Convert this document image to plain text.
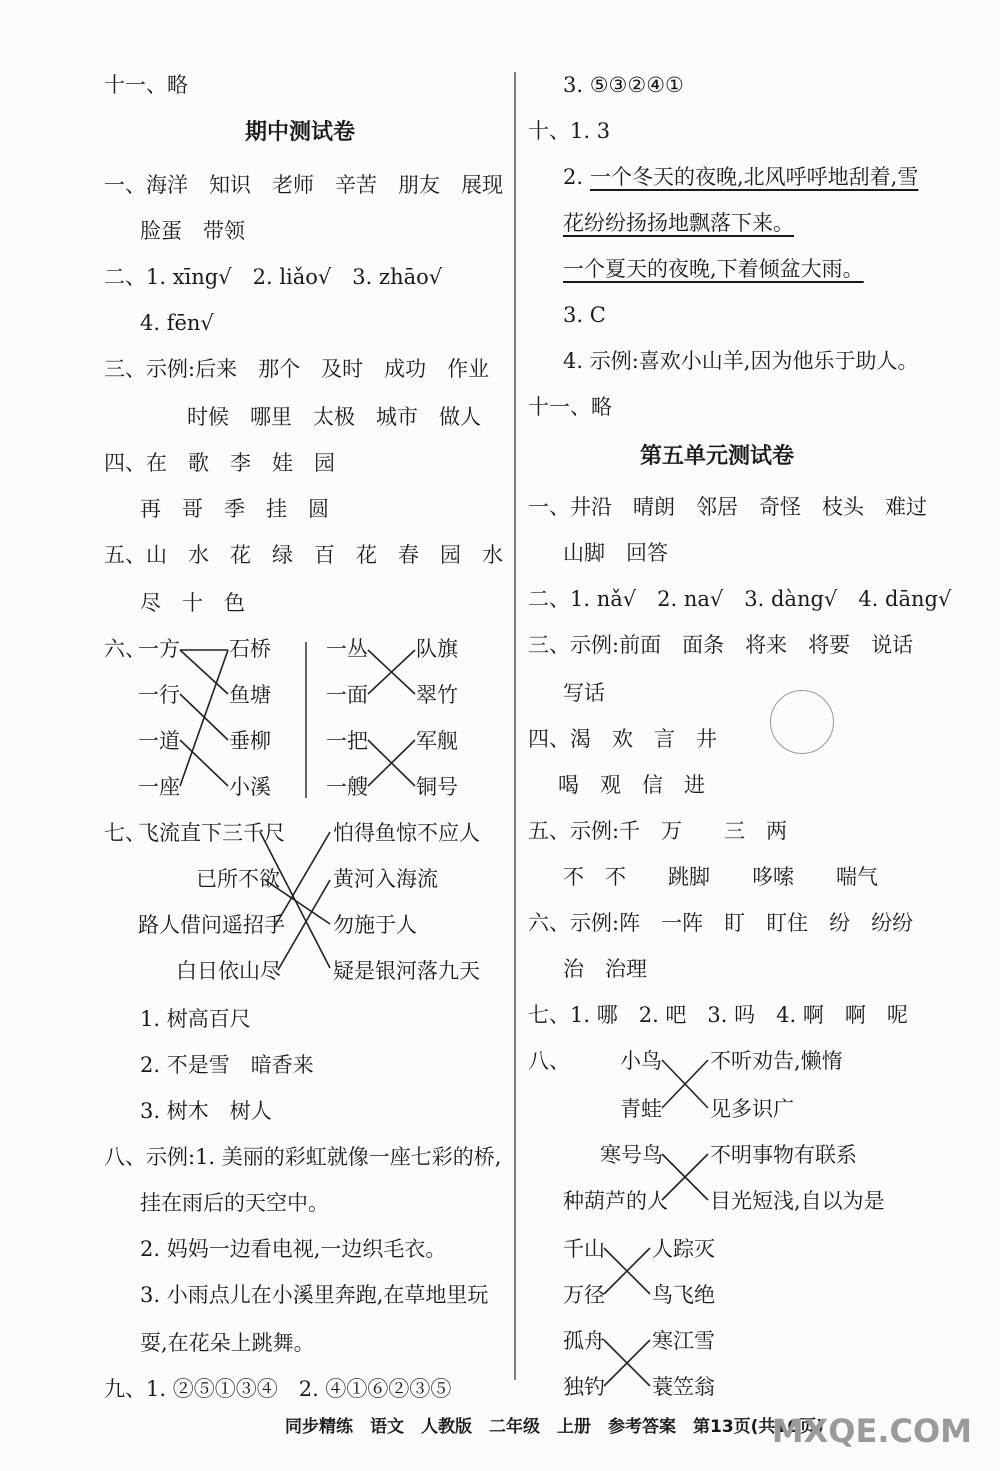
十一、略
期中测试卷
一、海洋　知识　老师　辛苦　朋友　展现
脸蛋　带领
二、1. xīng√　2. liǎo√　3. zhāo√
4. fēn√
三、示例:后来　那个　及时　成功　作业
时候　哪里　太极　城市　做人
四、在　歌　李　娃　园
再　哥　季　挂　圆
五、山　水　花　绿　百　花　春　园　水
尽　十　色
六、
一方
一行
一道
一座
石桥
鱼塘
垂柳
小溪
一丛
一面
一把
一艘
队旗
翠竹
军舰
铜号
七、
飞流直下三千尺
已所不欲
路人借问遥招手
白日依山尽
怕得鱼惊不应人
黄河入海流
勿施于人
疑是银河落九天
1. 树高百尺
2. 不是雪　暗香来
3. 树木　树人
八、示例:1. 美丽的彩虹就像一座七彩的桥,
挂在雨后的天空中。
2. 妈妈一边看电视,一边织毛衣。
3. 小雨点儿在小溪里奔跑,在草地里玩
耍,在花朵上跳舞。
九、1. ②⑤①③④　2. ④①⑥②③⑤
3. ⑤③②④①
十、1. 3
2. 一个冬天的夜晚,北风呼呼地刮着,雪
花纷纷扬扬地飘落下来。
一个夏天的夜晚,下着倾盆大雨。
3. C
4. 示例:喜欢小山羊,因为他乐于助人。
十一、略
第五单元测试卷
一、井沿　晴朗　邻居　奇怪　枝头　难过
山脚　回答
二、1. nǎ√　2. na√　3. dàng√　4. dāng√
三、示例:前面　面条　将来　将要　说话
写话
四、渴　欢　言　井
喝　观　信　进
五、示例:千　万　　三　两
不　不　　跳脚　　哆嗦　　喘气
六、示例:阵　一阵　盯　盯住　纷　纷纷
治　治理
七、1. 哪　2. 吧　3. 吗　4. 啊　啊　呢
八、 小鸟
青蛙
寒号鸟
种葫芦的人
不听劝告,懒惰
见多识广
不明事物有联系
目光短浅,自以为是
千山
万径
孤舟
独钓
人踪灭
鸟飞绝
寒江雪
蓑笠翁
同步精练　语文　人教版　二年级　上册　参考答案　第13页(共16页)
MXQE.COM
